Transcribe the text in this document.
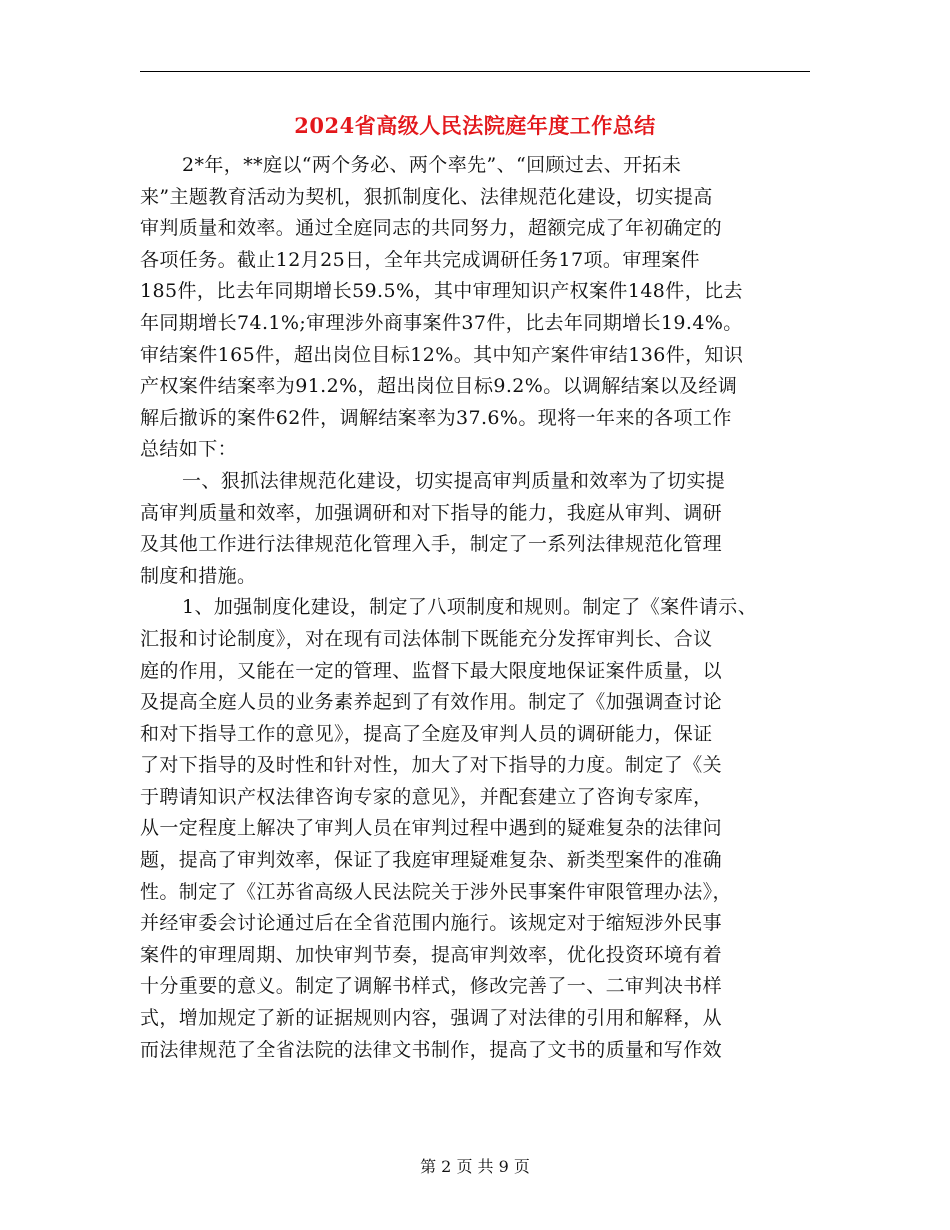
2024省高级人民法院庭年度工作总结
2*年，**庭以“两个务必、两个率先”、“回顾过去、开拓未
来”主题教育活动为契机，狠抓制度化、法律规范化建设，切实提高
审判质量和效率。通过全庭同志的共同努力，超额完成了年初确定的
各项任务。截止12月25日，全年共完成调研任务17项。审理案件
185件，比去年同期增长59.5%，其中审理知识产权案件148件，比去
年同期增长74.1%;审理涉外商事案件37件，比去年同期增长19.4%。
审结案件165件，超出岗位目标12%。其中知产案件审结136件，知识
产权案件结案率为91.2%，超出岗位目标9.2%。以调解结案以及经调
解后撤诉的案件62件，调解结案率为37.6%。现将一年来的各项工作
总结如下：
一、狠抓法律规范化建设，切实提高审判质量和效率为了切实提
高审判质量和效率，加强调研和对下指导的能力，我庭从审判、调研
及其他工作进行法律规范化管理入手，制定了一系列法律规范化管理
制度和措施。
1、加强制度化建设，制定了八项制度和规则。制定了《案件请示、
汇报和讨论制度》，对在现有司法体制下既能充分发挥审判长、合议
庭的作用，又能在一定的管理、监督下最大限度地保证案件质量，以
及提高全庭人员的业务素养起到了有效作用。制定了《加强调查讨论
和对下指导工作的意见》，提高了全庭及审判人员的调研能力，保证
了对下指导的及时性和针对性，加大了对下指导的力度。制定了《关
于聘请知识产权法律咨询专家的意见》，并配套建立了咨询专家库，
从一定程度上解决了审判人员在审判过程中遇到的疑难复杂的法律问
题，提高了审判效率，保证了我庭审理疑难复杂、新类型案件的准确
性。制定了《江苏省高级人民法院关于涉外民事案件审限管理办法》，
并经审委会讨论通过后在全省范围内施行。该规定对于缩短涉外民事
案件的审理周期、加快审判节奏，提高审判效率，优化投资环境有着
十分重要的意义。制定了调解书样式，修改完善了一、二审判决书样
式，增加规定了新的证据规则内容，强调了对法律的引用和解释，从
而法律规范了全省法院的法律文书制作，提高了文书的质量和写作效
第 2 页 共 9 页
